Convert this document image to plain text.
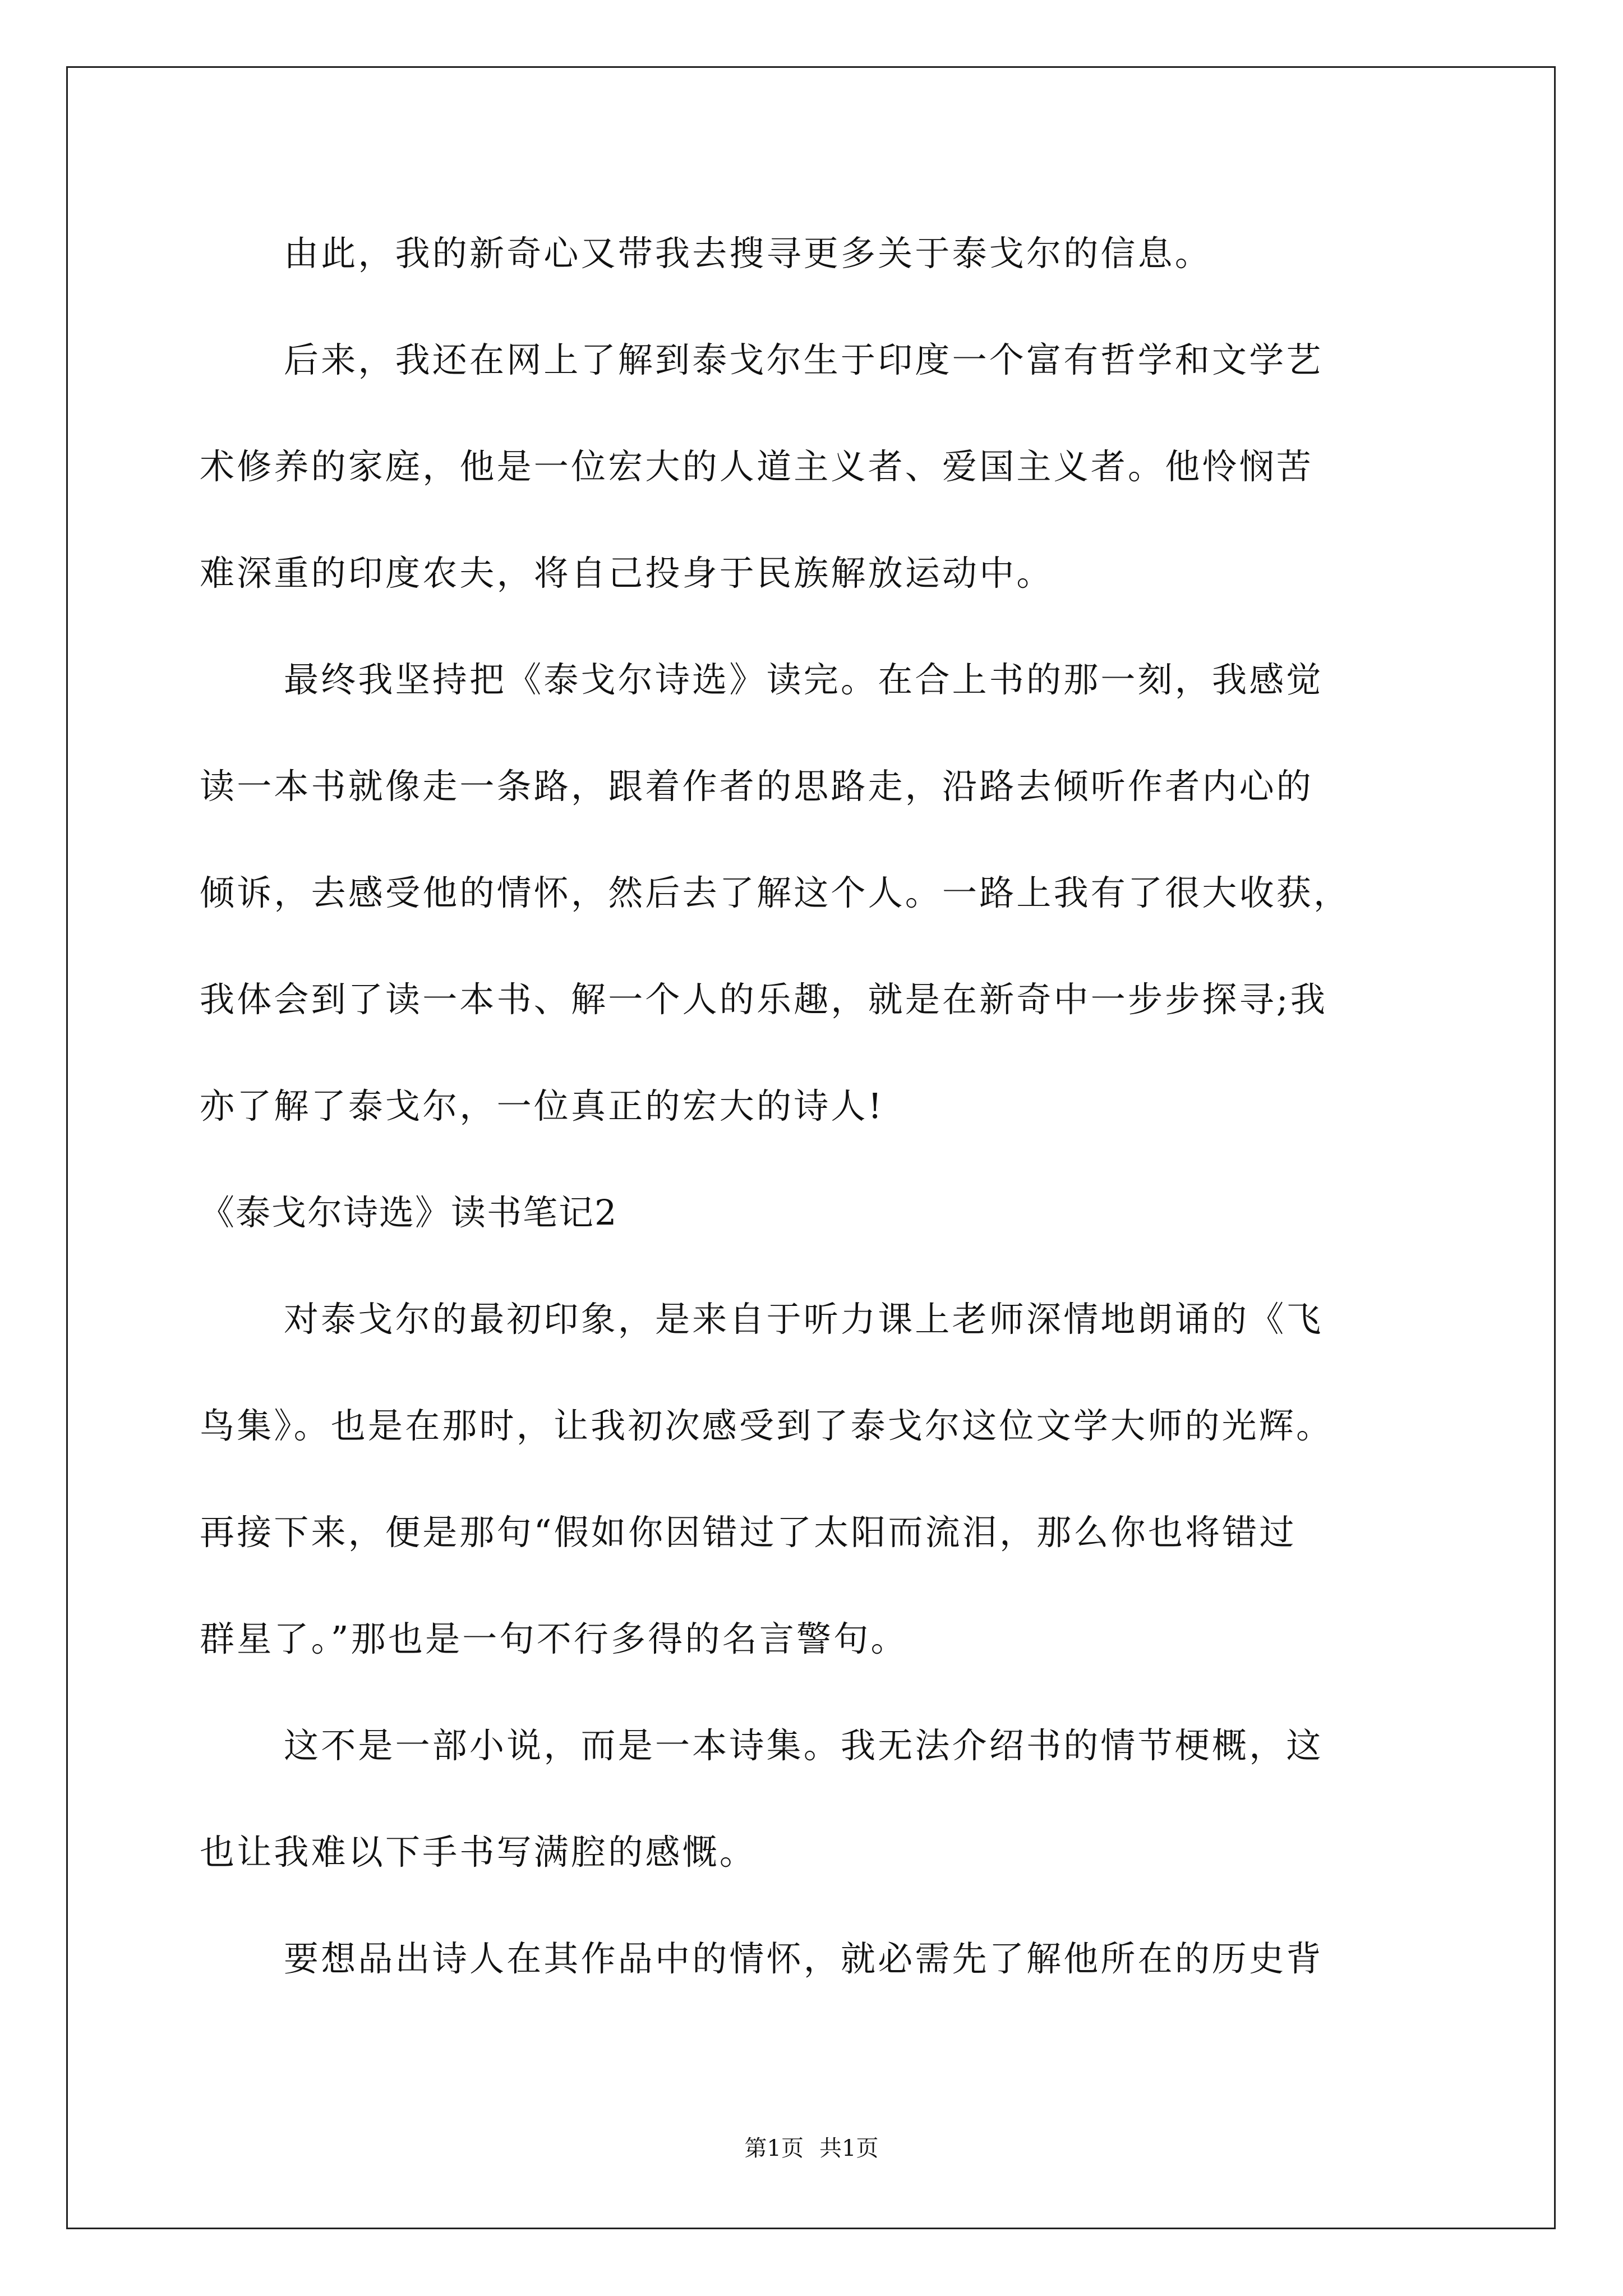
由此，我的新奇心又带我去搜寻更多关于泰戈尔的信息。
后来，我还在网上了解到泰戈尔生于印度一个富有哲学和文学艺
术修养的家庭，他是一位宏大的人道主义者、爱国主义者。他怜悯苦
难深重的印度农夫，将自己投身于民族解放运动中。
最终我坚持把《泰戈尔诗选》读完。在合上书的那一刻，我感觉
读一本书就像走一条路，跟着作者的思路走，沿路去倾听作者内心的
倾诉，去感受他的情怀，然后去了解这个人。一路上我有了很大收获，
我体会到了读一本书、解一个人的乐趣，就是在新奇中一步步探寻;我
亦了解了泰戈尔，一位真正的宏大的诗人!
《泰戈尔诗选》读书笔记2
对泰戈尔的最初印象，是来自于听力课上老师深情地朗诵的《飞
鸟集》。也是在那时，让我初次感受到了泰戈尔这位文学大师的光辉。
再接下来，便是那句“假如你因错过了太阳而流泪，那么你也将错过
群星了。”那也是一句不行多得的名言警句。
这不是一部小说，而是一本诗集。我无法介绍书的情节梗概，这
也让我难以下手书写满腔的感慨。
要想品出诗人在其作品中的情怀，就必需先了解他所在的历史背
第1页 共1页
